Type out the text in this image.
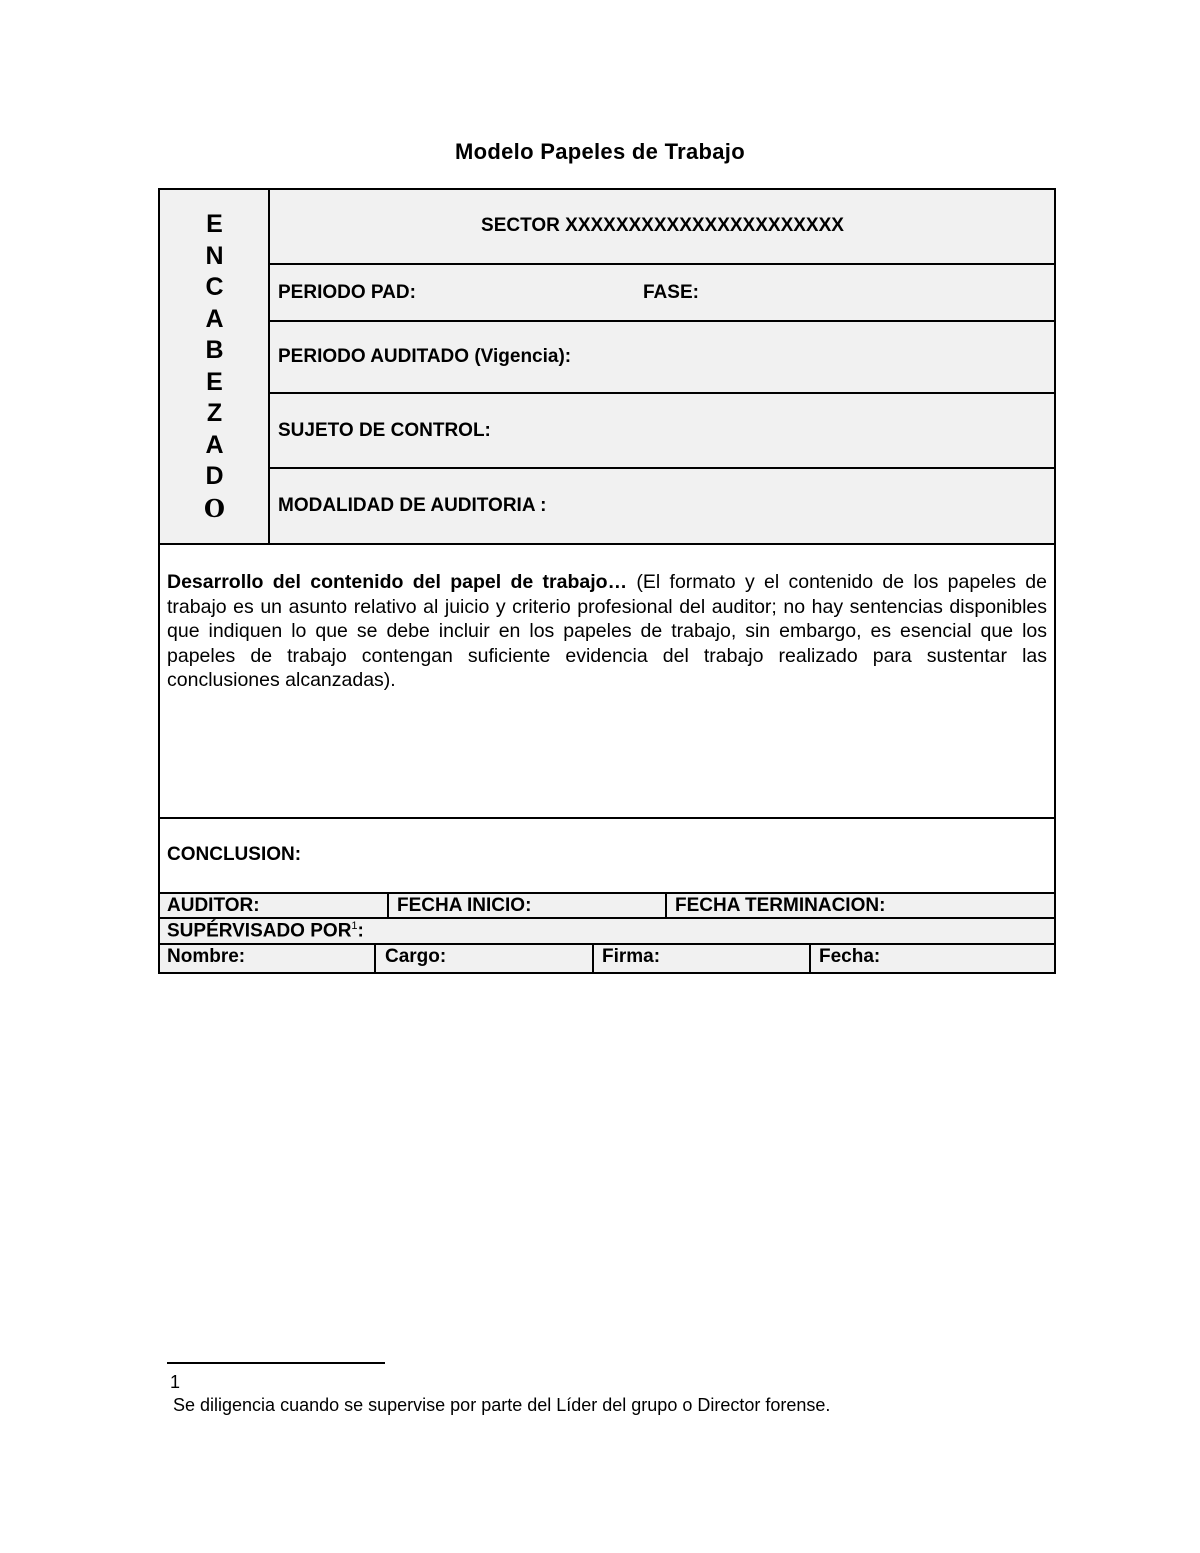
Modelo Papeles de Trabajo
E
N
C
A
B
E
Z
A
D
O
SECTOR XXXXXXXXXXXXXXXXXXXXXX
PERIODO PAD:	FASE:
PERIODO AUDITADO (Vigencia):
SUJETO DE CONTROL:
MODALIDAD DE AUDITORIA :
Desarrollo del contenido del papel de trabajo… (El formato y el contenido de los papeles de trabajo es un asunto relativo al juicio y criterio profesional del auditor; no hay sentencias disponibles que indiquen lo que se debe incluir en los papeles de trabajo, sin embargo, es esencial que los papeles de trabajo contengan suficiente evidencia del trabajo realizado para sustentar las conclusiones alcanzadas).
CONCLUSION:
AUDITOR:	FECHA INICIO:	FECHA TERMINACION:
SUPÉRVISADO POR$^1$:
Nombre:	Cargo:	Firma:	Fecha:
1
Se diligencia cuando se supervise por parte del Líder del grupo o Director forense.
